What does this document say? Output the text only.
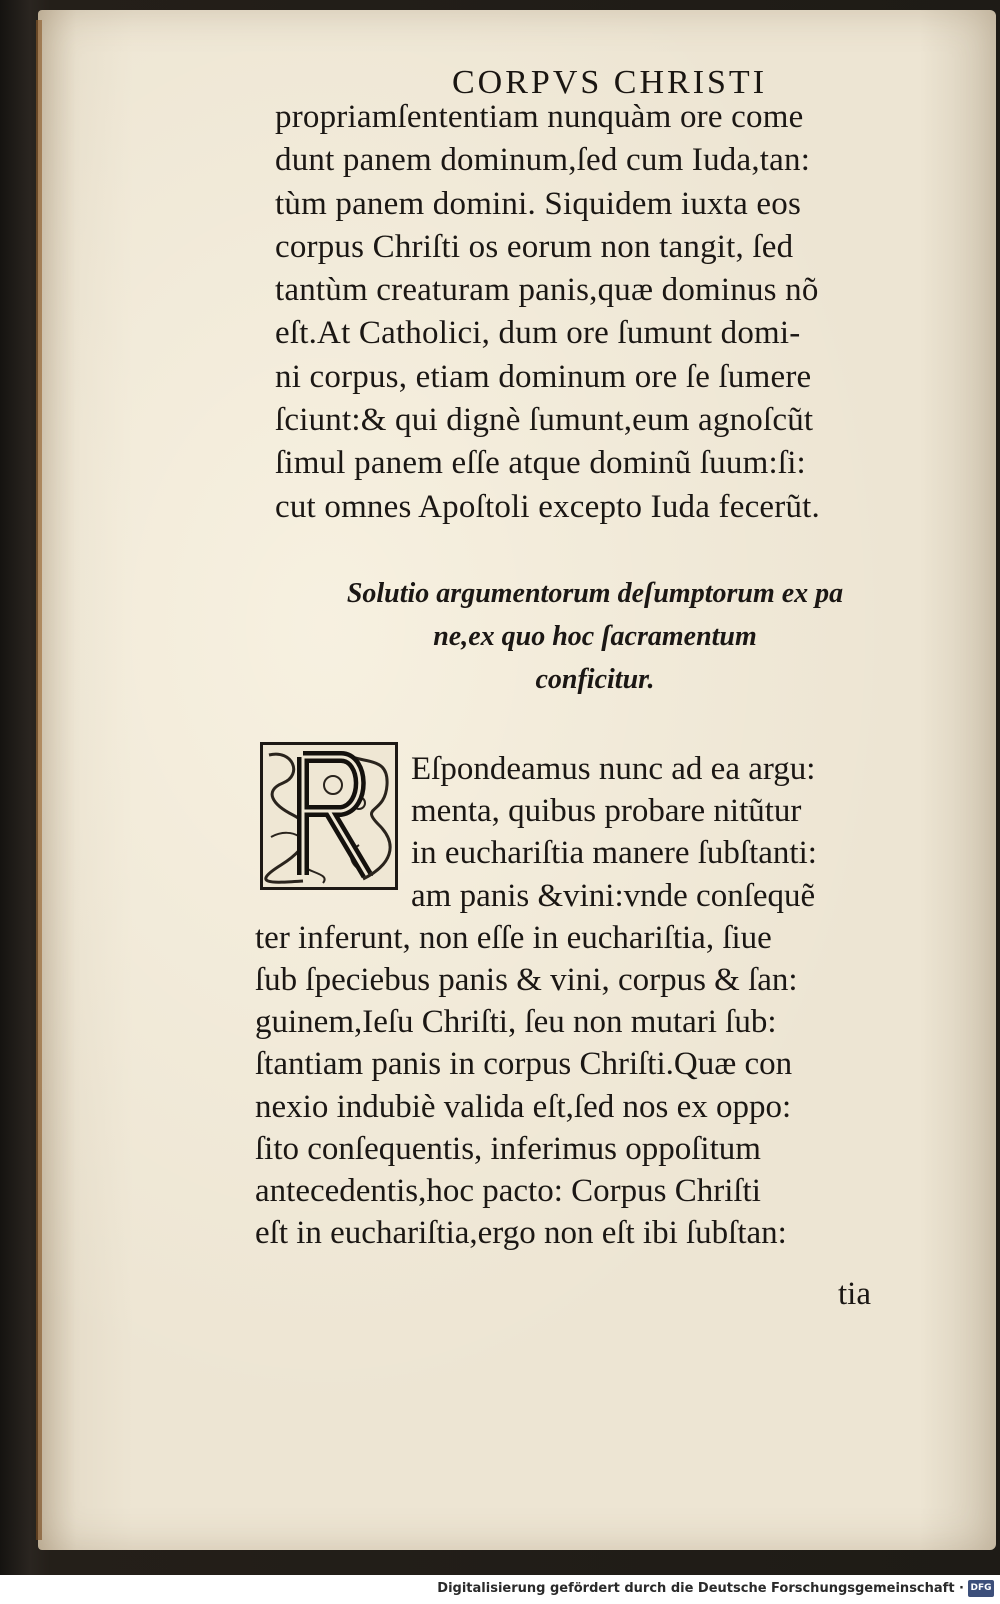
CORPVS CHRISTI
propriamſententiam nunquàm ore come
dunt panem dominum,ſed cum Iuda,tan:
tùm panem domini. Siquidem iuxta eos
corpus Chriſti os eorum non tangit, ſed
tantùm creaturam panis,quæ dominus nõ
eſt.At Catholici, dum ore ſumunt domi-
ni corpus, etiam dominum ore ſe ſumere
ſciunt:& qui dignè ſumunt,eum agnoſcũt
ſimul panem eſſe atque dominũ ſuum:ſi:
cut omnes Apoſtoli excepto Iuda fecerũt.
Solutio argumentorum deſumptorum ex pa
ne,ex quo hoc ſacramentum
conficitur.
Eſpondeamus nunc ad ea argu:
menta, quibus probare nitũtur
in euchariſtia manere ſubſtanti:
am panis &vini:vnde conſequẽ
ter inferunt, non eſſe in euchariſtia, ſiue
ſub ſpeciebus panis & vini, corpus & ſan:
guinem,Ieſu Chriſti, ſeu non mutari ſub:
ſtantiam panis in corpus Chriſti.Quæ con
nexio indubiè valida eſt,ſed nos ex oppo:
ſito conſequentis, inferimus oppoſitum
antecedentis,hoc pacto: Corpus Chriſti
eſt in euchariſtia,ergo non eſt ibi ſubſtan:
tia
Digitalisierung gefördert durch die Deutsche Forschungsgemeinschaft · DFG
